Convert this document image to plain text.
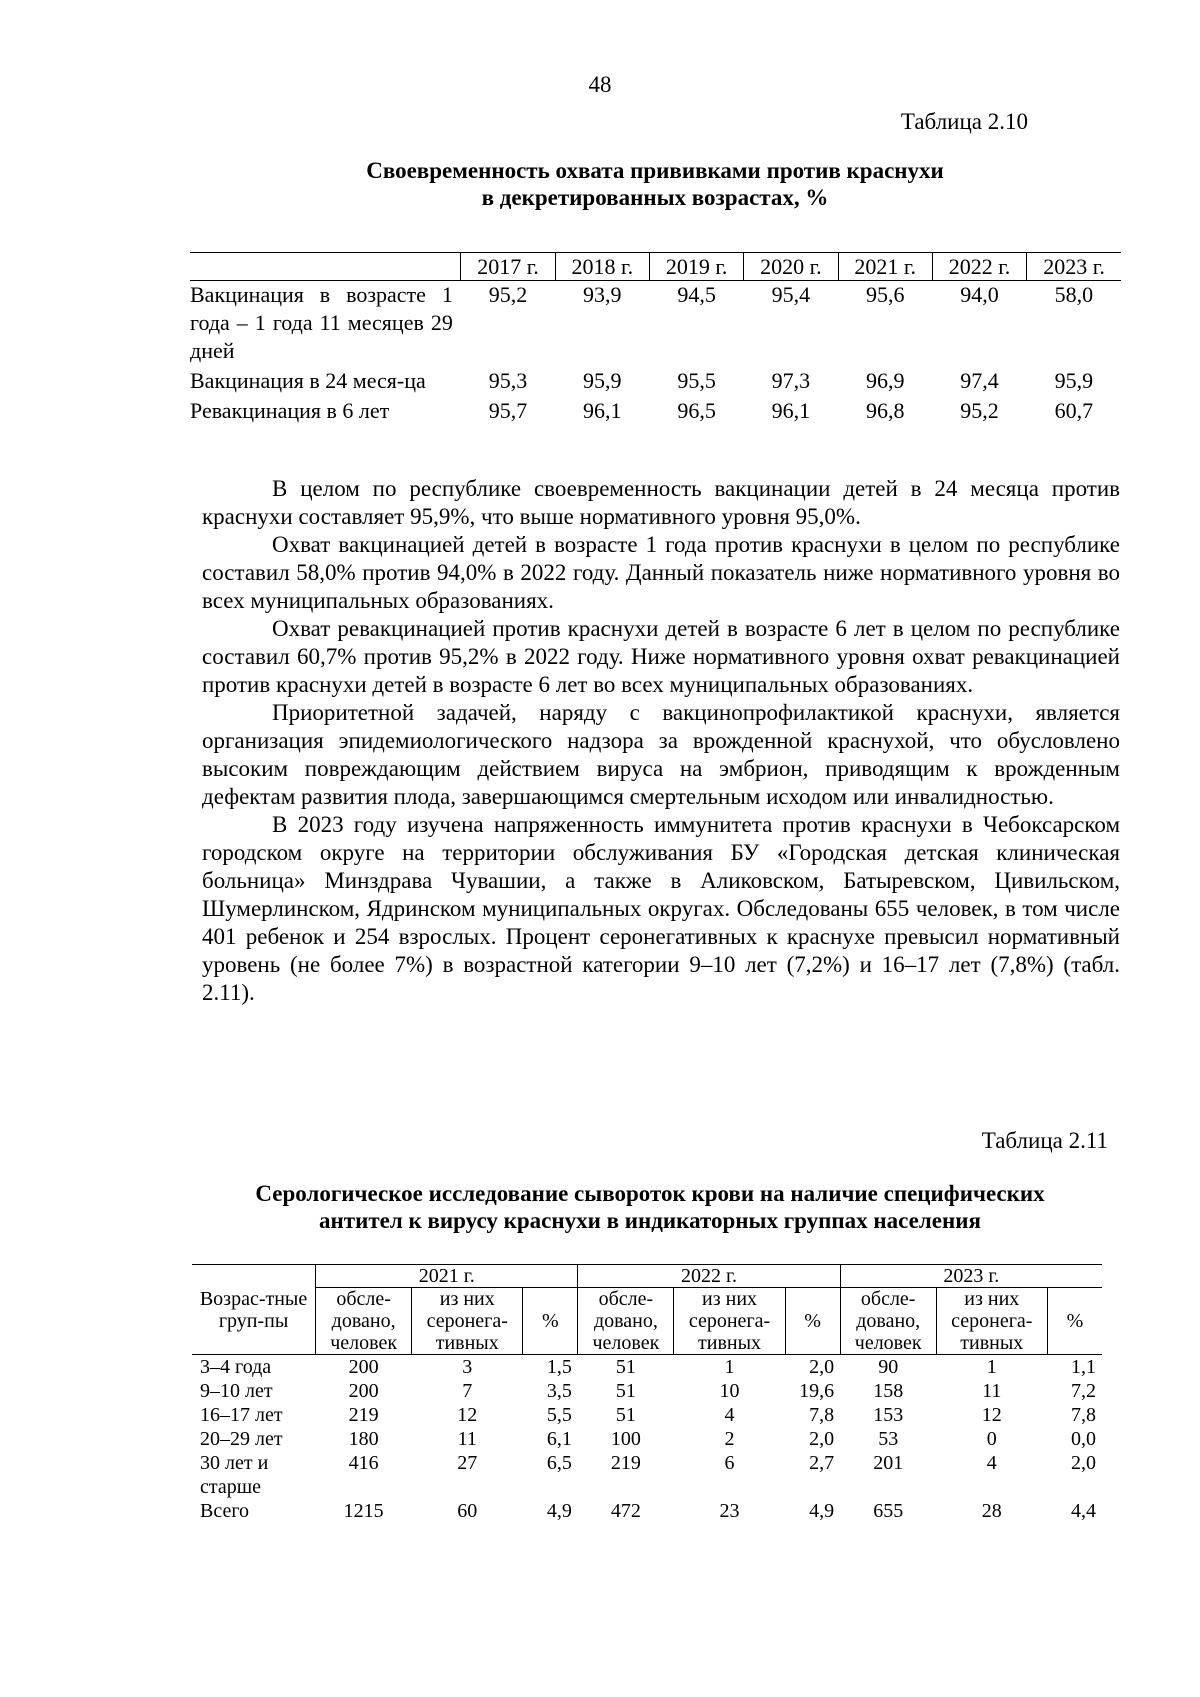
48
Таблица 2.10
Своевременность охвата прививками против краснухи
в декретированных возрастах, %
	2017 г.	2018 г.	2019 г.	2020 г.	2021 г.	2022 г.	2023 г.
Вакцинация в возрасте 1 года – 1 года 11 месяцев 29 дней	95,2	93,9	94,5	95,4	95,6	94,0	58,0
Вакцинация в 24 меся-ца	95,3	95,9	95,5	97,3	96,9	97,4	95,9
Ревакцинация в 6 лет	95,7	96,1	96,5	96,1	96,8	95,2	60,7

В целом по республике своевременность вакцинации детей в 24 месяца против краснухи составляет 95,9%, что выше нормативного уровня 95,0%.

Охват вакцинацией детей в возрасте 1 года против краснухи в целом по республике составил 58,0% против 94,0% в 2022 году. Данный показатель ниже нормативного уровня во всех муниципальных образованиях.

Охват ревакцинацией против краснухи детей в возрасте 6 лет в целом по республике составил 60,7% против 95,2% в 2022 году. Ниже нормативного уровня охват ревакцинацией против краснухи детей в возрасте 6 лет во всех муниципальных образованиях.

Приоритетной задачей, наряду с вакцинопрофилактикой краснухи, является организация эпидемиологического надзора за врожденной краснухой, что обусловлено высоким повреждающим действием вируса на эмбрион, приводящим к врожденным дефектам развития плода, завершающимся смертельным исходом или инвалидностью.

В 2023 году изучена напряженность иммунитета против краснухи в Чебоксарском городском округе на территории обслуживания БУ «Городская детская клиническая больница» Минздрава Чувашии, а также в Аликовском, Батыревском, Цивильском, Шумерлинском, Ядринском муниципальных округах. Обследованы 655 человек, в том числе 401 ребенок и 254 взрослых. Процент серонегативных к краснухе превысил нормативный уровень (не более 7%) в возрастной категории 9–10 лет (7,2%) и 16–17 лет (7,8%) (табл. 2.11).

Таблица 2.11
Серологическое исследование сывороток крови на наличие специфических
антител к вирусу краснухи в индикаторных группах населения
Возрас-тные груп-пы	2021 г.			2022 г.			2023 г.		
	обсле-довано, человек	из них серонега-тивных	%	обсле-довано, человек	из них серонега-тивных	%	обсле-довано, человек	из них серонега-тивных	%
3–4 года	200	3	1,5	51	1	2,0	90	1	1,1
9–10 лет	200	7	3,5	51	10	19,6	158	11	7,2
16–17 лет	219	12	5,5	51	4	7,8	153	12	7,8
20–29 лет	180	11	6,1	100	2	2,0	53	0	0,0
30 лет и старше	416	27	6,5	219	6	2,7	201	4	2,0
Всего	1215	60	4,9	472	23	4,9	655	28	4,4
